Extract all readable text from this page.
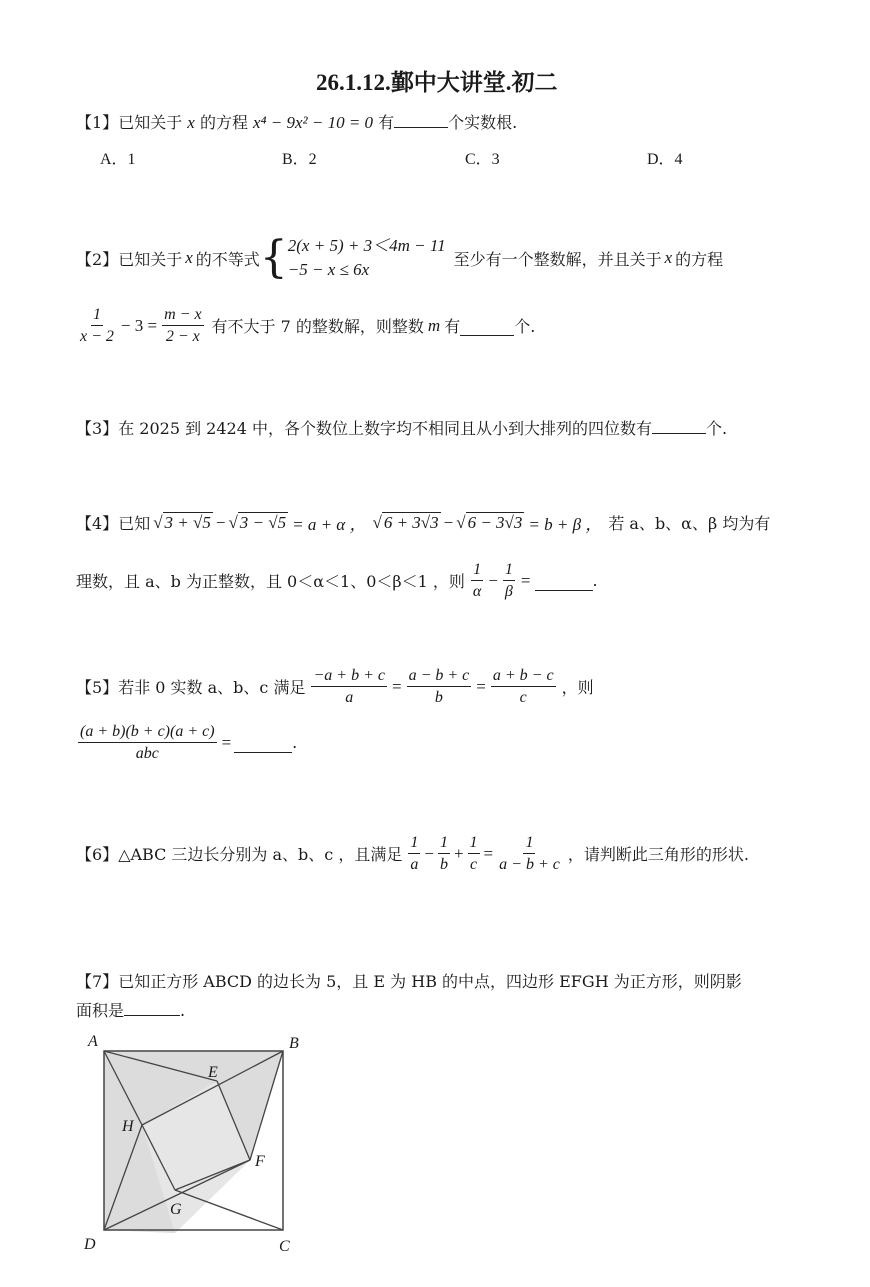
26.1.12.鄞中大讲堂.初二
【1】已知关于 x 的方程 x⁴ − 9x² − 10 = 0 有	个实数根.
A．1	B．2	C．3	D．4
【2】 已知关于 x 的不等式 { 2(x + 5) + 3＜4m − 11
−5 − x ≤ 6x
至少有一个整数解，并且关于 x 的方程
$\frac{1}{x - 2} - 3 = \frac{m - x}{2 - x}$ 有不大于 7 的整数解，则整数 m 有	个.
【3】在 2025 到 2424 中，各个数位上数字均不相同且从小到大排列的四位数有	个.
【4】 已知 √ 3 + √5 − √ 3 − √5 = a + α ， √ 6 + 3√3 − √ 6 − 3√3 = b + β ， 若 a、b、α、β 均为有
理数，且 a、b 为正整数，且 0＜α＜1、0＜β＜1 ，则 $\frac{1}{\alpha} - \frac{1}{\beta}$ =	.
【5】 若非 0 实数 a、b、c 满足 $\frac{-a + b + c}{a} = \frac{a - b + c}{b} = \frac{a + b - c}{c}$ ，则
$\frac{(a + b)(b + c)(a + c)}{\text{abc}}$ =	.
【6】 △ABC 三边长分别为 a、b、c ，且满足 $\frac{1}{a} - \frac{1}{b} + \frac{1}{c} = \frac{1}{a - b + c}$ ，请判断此三角形的形状.
【7】已知正方形 ABCD 的边长为 5，且 E 为 HB 的中点，四边形 EFGH 为正方形，则阴影
面积是	.
A	B
C
D
E
F
G
H
